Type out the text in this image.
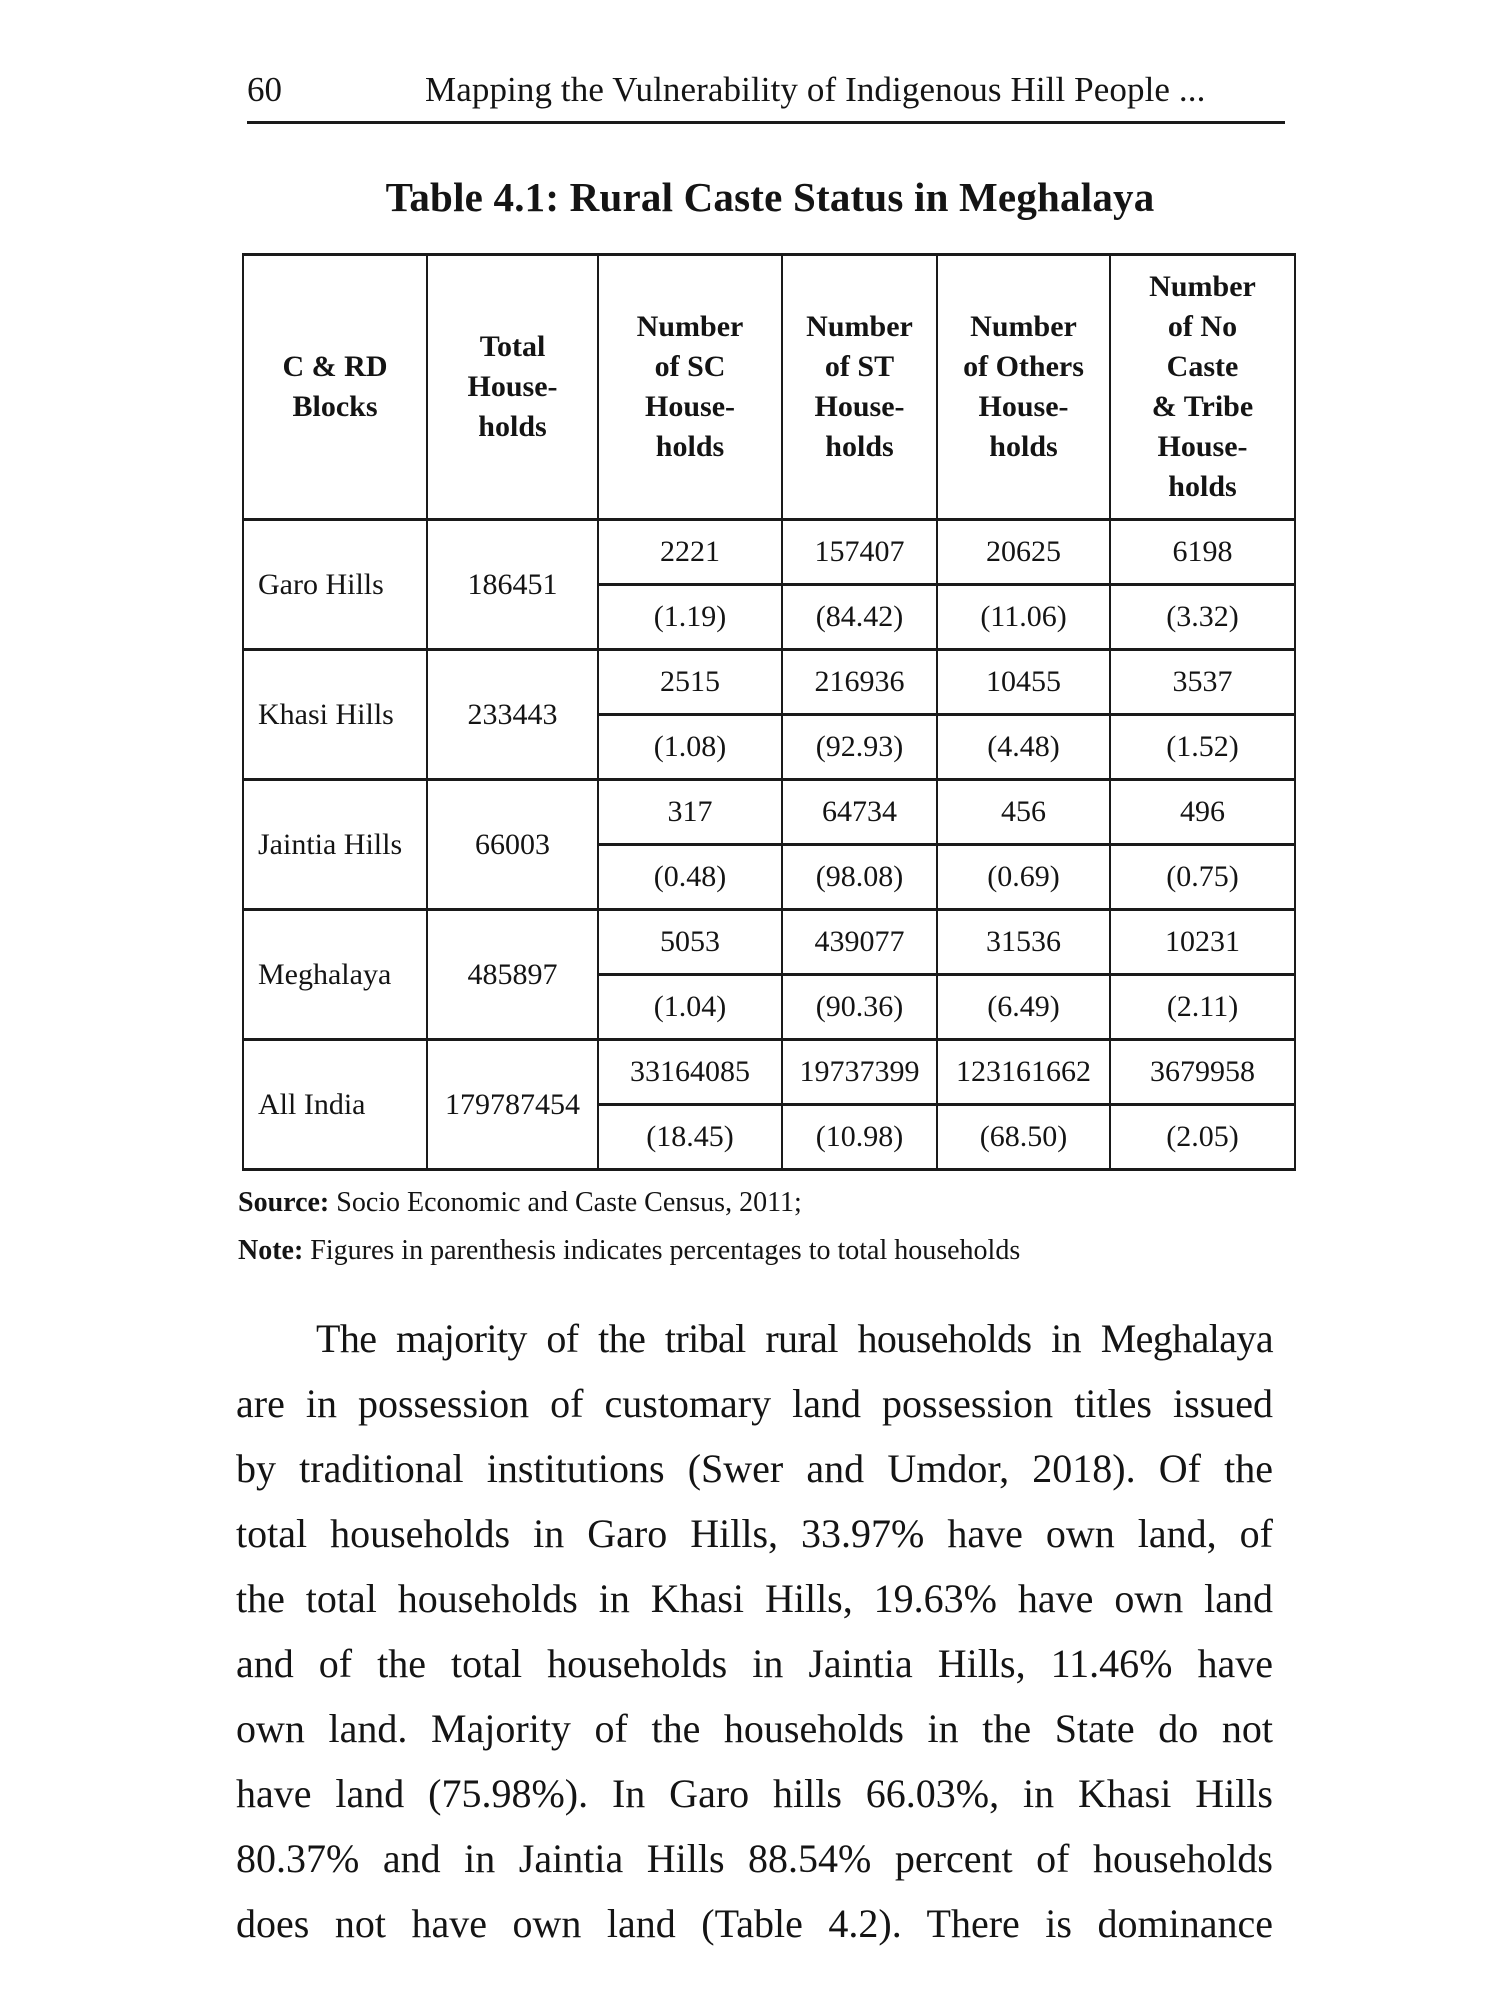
60	Mapping the Vulnerability of Indigenous Hill People ...
Table 4.1: Rural Caste Status in Meghalaya
C & RD
Blocks

Total
House-
holds

Number
of SC
House-
holds

Number
of ST
House-
holds

Number
of Others
House-
holds

Number
of No
Caste
& Tribe
House-
holds

Garo Hills	186451	2221	157407	20625	6198
		(1.19)	(84.42)	(11.06)	(3.32)
Khasi Hills	233443	2515	216936	10455	3537
		(1.08)	(92.93)	(4.48)	(1.52)
Jaintia Hills	66003	317	64734	456	496
		(0.48)	(98.08)	(0.69)	(0.75)
Meghalaya	485897	5053	439077	31536	10231
		(1.04)	(90.36)	(6.49)	(2.11)
All India	179787454	33164085	19737399	123161662	3679958
		(18.45)	(10.98)	(68.50)	(2.05)
Source: Socio Economic and Caste Census, 2011;
Note: Figures in parenthesis indicates percentages to total households
The majority of the tribal rural households in Meghalaya
are in possession of customary land possession titles issued
by traditional institutions (Swer and Umdor, 2018). Of the
total households in Garo Hills, 33.97% have own land, of
the total households in Khasi Hills, 19.63% have own land
and of the total households in Jaintia Hills, 11.46% have
own land. Majority of the households in the State do not
have land (75.98%). In Garo hills 66.03%, in Khasi Hills
80.37% and in Jaintia Hills 88.54% percent of households
does not have own land (Table 4.2). There is dominance
